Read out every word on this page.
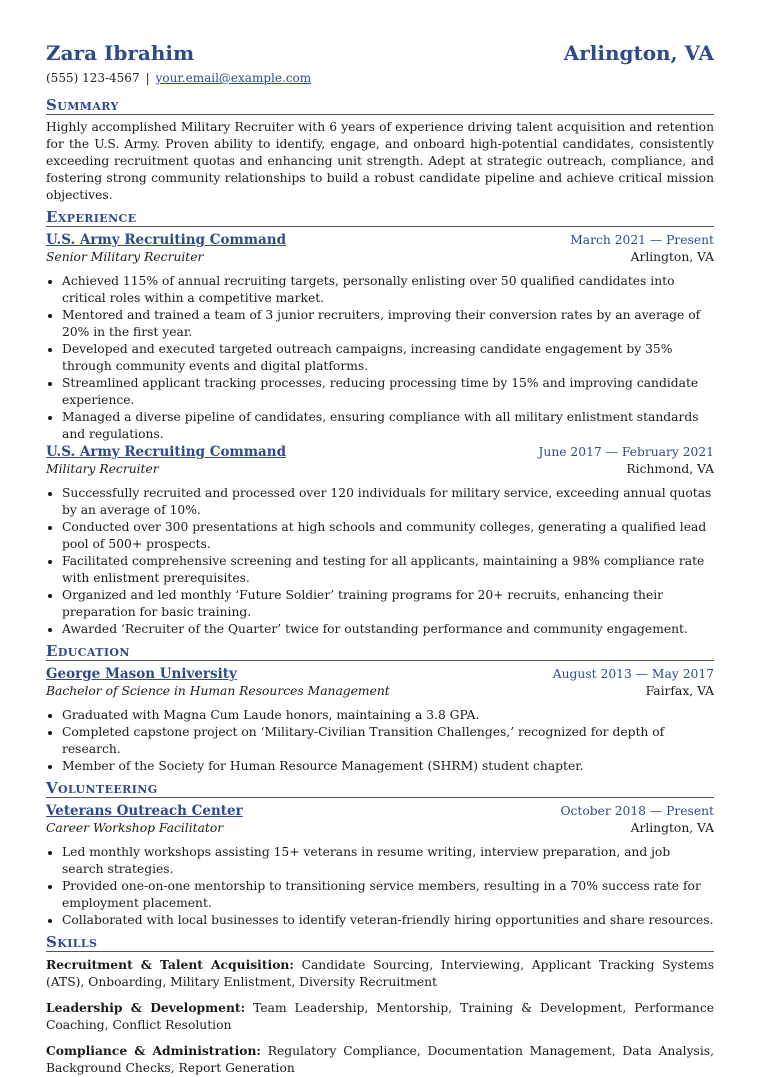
Zara Ibrahim	Arlington, VA
(555) 123-4567 | your.email@example.com
Summary
Highly accomplished Military Recruiter with 6 years of experience driving talent acquisition and retention for the U.S. Army. Proven ability to identify, engage, and onboard high-potential candidates, consistently exceeding recruitment quotas and enhancing unit strength. Adept at strategic outreach, compliance, and fostering strong community relationships to build a robust candidate pipeline and achieve critical mission objectives.
Experience
U.S. Army Recruiting Command	March 2021 — Present
Senior Military Recruiter	Arlington, VA
• Achieved 115% of annual recruiting targets, personally enlisting over 50 qualified candidates into critical roles within a competitive market.
• Mentored and trained a team of 3 junior recruiters, improving their conversion rates by an average of 20% in the first year.
• Developed and executed targeted outreach campaigns, increasing candidate engagement by 35% through community events and digital platforms.
• Streamlined applicant tracking processes, reducing processing time by 15% and improving candidate experience.
• Managed a diverse pipeline of candidates, ensuring compliance with all military enlistment standards and regulations.
U.S. Army Recruiting Command	June 2017 — February 2021
Military Recruiter	Richmond, VA
• Successfully recruited and processed over 120 individuals for military service, exceeding annual quotas by an average of 10%.
• Conducted over 300 presentations at high schools and community colleges, generating a qualified lead pool of 500+ prospects.
• Facilitated comprehensive screening and testing for all applicants, maintaining a 98% compliance rate with enlistment prerequisites.
• Organized and led monthly ‘Future Soldier’ training programs for 20+ recruits, enhancing their preparation for basic training.
• Awarded ‘Recruiter of the Quarter’ twice for outstanding performance and community engagement.
Education
George Mason University	August 2013 — May 2017
Bachelor of Science in Human Resources Management	Fairfax, VA
• Graduated with Magna Cum Laude honors, maintaining a 3.8 GPA.
• Completed capstone project on ‘Military-Civilian Transition Challenges,’ recognized for depth of research.
• Member of the Society for Human Resource Management (SHRM) student chapter.
Volunteering
Veterans Outreach Center	October 2018 — Present
Career Workshop Facilitator	Arlington, VA
• Led monthly workshops assisting 15+ veterans in resume writing, interview preparation, and job search strategies.
• Provided one-on-one mentorship to transitioning service members, resulting in a 70% success rate for employment placement.
• Collaborated with local businesses to identify veteran-friendly hiring opportunities and share resources.
Skills
Recruitment & Talent Acquisition: Candidate Sourcing, Interviewing, Applicant Tracking Systems (ATS), Onboarding, Military Enlistment, Diversity Recruitment
Leadership & Development: Team Leadership, Mentorship, Training & Development, Performance Coaching, Conflict Resolution
Compliance & Administration: Regulatory Compliance, Documentation Management, Data Analysis, Background Checks, Report Generation
